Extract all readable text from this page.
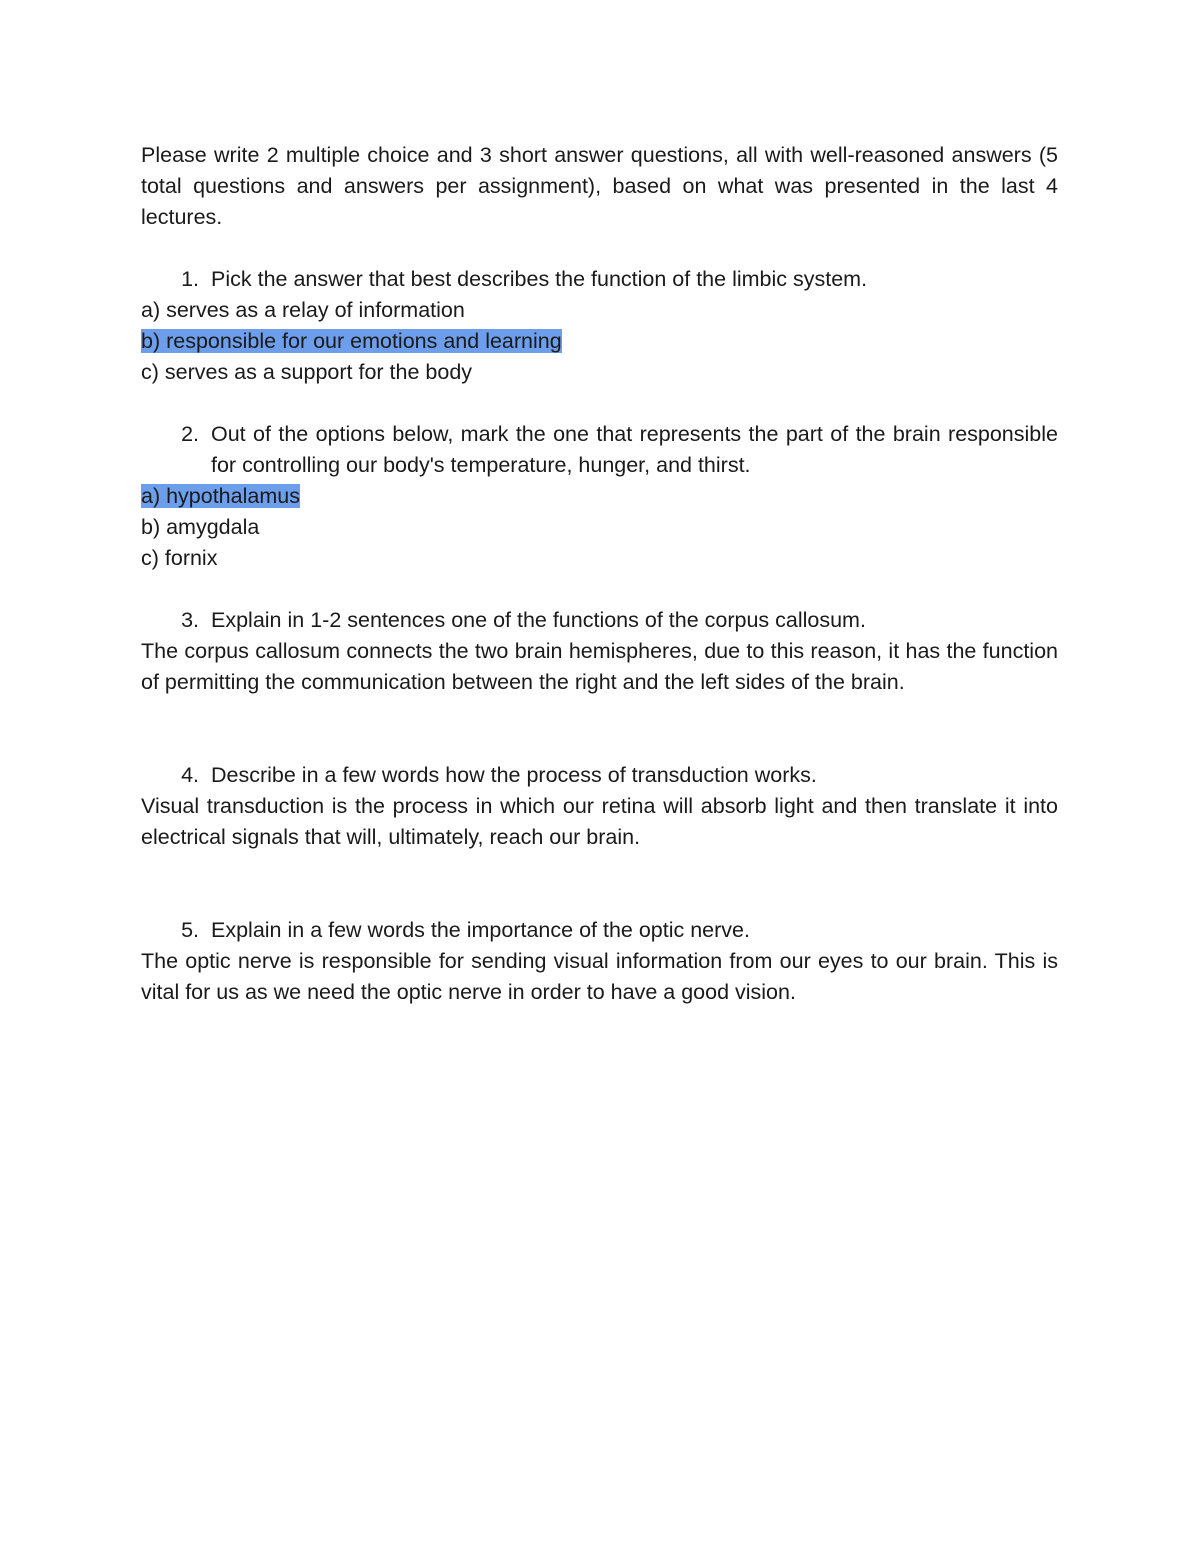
Please write 2 multiple choice and 3 short answer questions, all with well-reasoned answers (5 total questions and answers per assignment), based on what was presented in the last 4 lectures.

1. Pick the answer that best describes the function of the limbic system.

a) serves as a relay of information

b) responsible for our emotions and learning

c) serves as a support for the body

2. Out of the options below, mark the one that represents the part of the brain responsible for controlling our body's temperature, hunger, and thirst.

a) hypothalamus

b) amygdala

c) fornix

3. Explain in 1-2 sentences one of the functions of the corpus callosum.

The corpus callosum connects the two brain hemispheres, due to this reason, it has the function of permitting the communication between the right and the left sides of the brain.

4. Describe in a few words how the process of transduction works.

Visual transduction is the process in which our retina will absorb light and then translate it into electrical signals that will, ultimately, reach our brain.

5. Explain in a few words the importance of the optic nerve.

The optic nerve is responsible for sending visual information from our eyes to our brain. This is vital for us as we need the optic nerve in order to have a good vision.
